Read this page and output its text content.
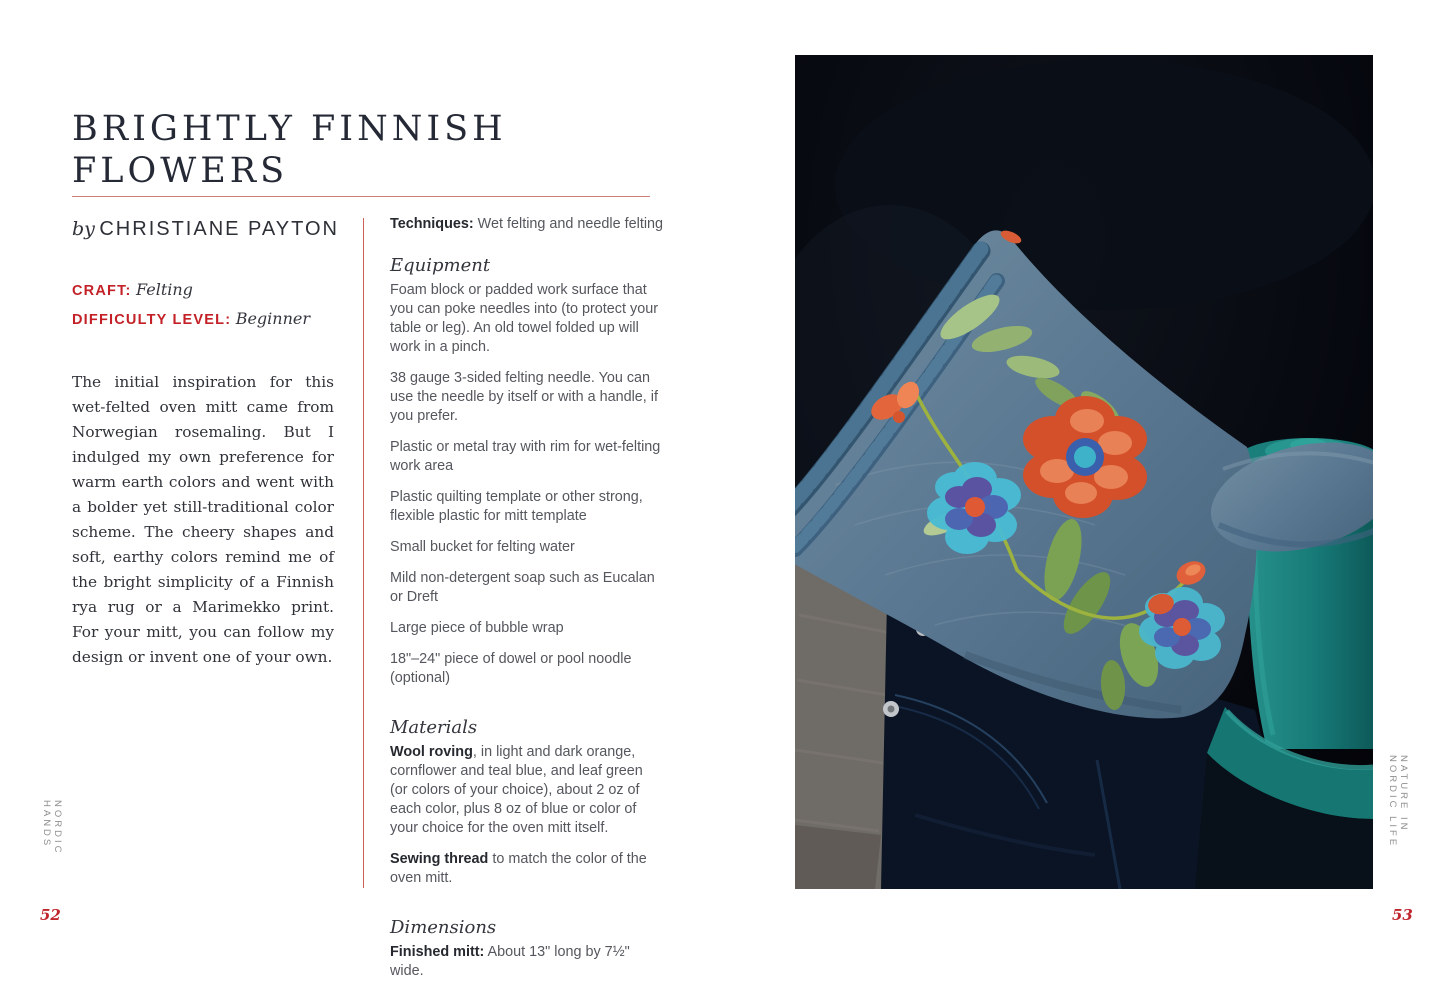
BRIGHTLY FINNISH
FLOWERS
by CHRISTIANE PAYTON
CRAFT: Felting
DIFFICULTY LEVEL: Beginner

The initial inspiration for this wet-felted oven mitt came from Norwegian rosemaling. But I indulged my own preference for warm earth colors and went with a bolder yet still-traditional color scheme. The cheery shapes and soft, earthy colors remind me of the bright simplicity of a Finnish rya rug or a Marimekko print. For your mitt, you can follow my design or invent one of your own.

Techniques: Wet felting and needle felting

Equipment

Foam block or padded work surface that you can poke needles into (to protect your table or leg). An old towel folded up will work in a pinch.

38 gauge 3-sided felting needle. You can use the needle by itself or with a handle, if you prefer.

Plastic or metal tray with rim for wet-felting work area

Plastic quilting template or other strong, flexible plastic for mitt template

Small bucket for felting water

Mild non-detergent soap such as Eucalan or Dreft

Large piece of bubble wrap

18"–24" piece of dowel or pool noodle (optional)

Materials

Wool roving, in light and dark orange, cornflower and teal blue, and leaf green (or colors of your choice), about 2 oz of each color, plus 8 oz of blue or color of your choice for the oven mitt itself.

Sewing thread to match the color of the oven mitt.

Dimensions

Finished mitt: About 13" long by 7½" wide.

NORDIC HANDS
52
NATURE IN NORDIC LIFE
53
